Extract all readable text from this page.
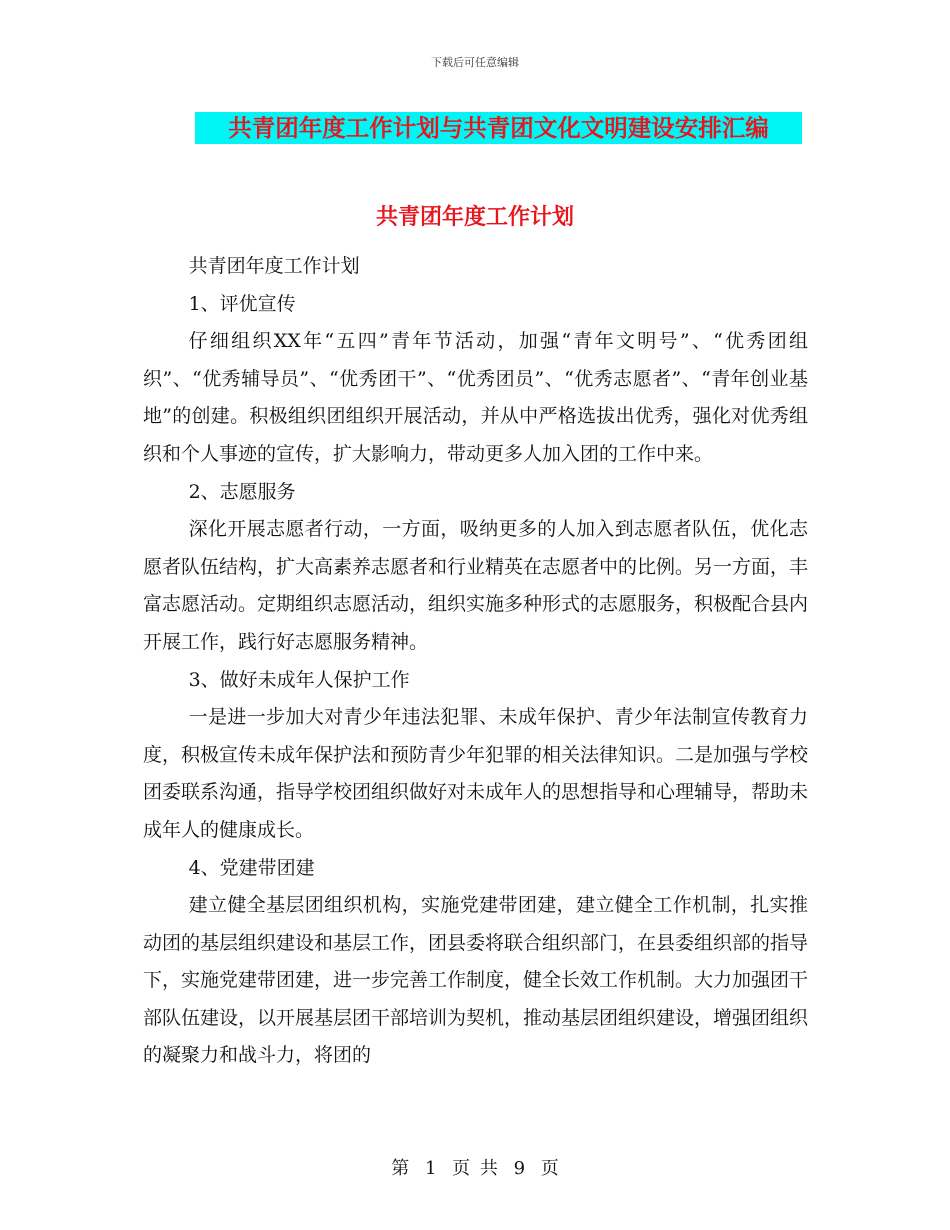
下载后可任意编辑
共青团年度工作计划与共青团文化文明建设安排汇编
共青团年度工作计划

共青团年度工作计划

1、评优宣传

仔细组织XX年“五四”青年节活动，加强“青年文明号”、“优秀团组织”、“优秀辅导员”、“优秀团干”、“优秀团员”、“优秀志愿者”、“青年创业基地”的创建。积极组织团组织开展活动，并从中严格选拔出优秀，强化对优秀组织和个人事迹的宣传，扩大影响力，带动更多人加入团的工作中来。

2、志愿服务

深化开展志愿者行动，一方面，吸纳更多的人加入到志愿者队伍，优化志愿者队伍结构，扩大高素养志愿者和行业精英在志愿者中的比例。另一方面，丰富志愿活动。定期组织志愿活动，组织实施多种形式的志愿服务，积极配合县内开展工作，践行好志愿服务精神。

3、做好未成年人保护工作

一是进一步加大对青少年违法犯罪、未成年保护、青少年法制宣传教育力度，积极宣传未成年保护法和预防青少年犯罪的相关法律知识。二是加强与学校团委联系沟通，指导学校团组织做好对未成年人的思想指导和心理辅导，帮助未成年人的健康成长。

4、党建带团建

建立健全基层团组织机构，实施党建带团建，建立健全工作机制，扎实推动团的基层组织建设和基层工作，团县委将联合组织部门，在县委组织部的指导下，实施党建带团建，进一步完善工作制度，健全长效工作机制。大力加强团干部队伍建设，以开展基层团干部培训为契机，推动基层团组织建设，增强团组织的凝聚力和战斗力，将团的

第 1 页 共 9 页
